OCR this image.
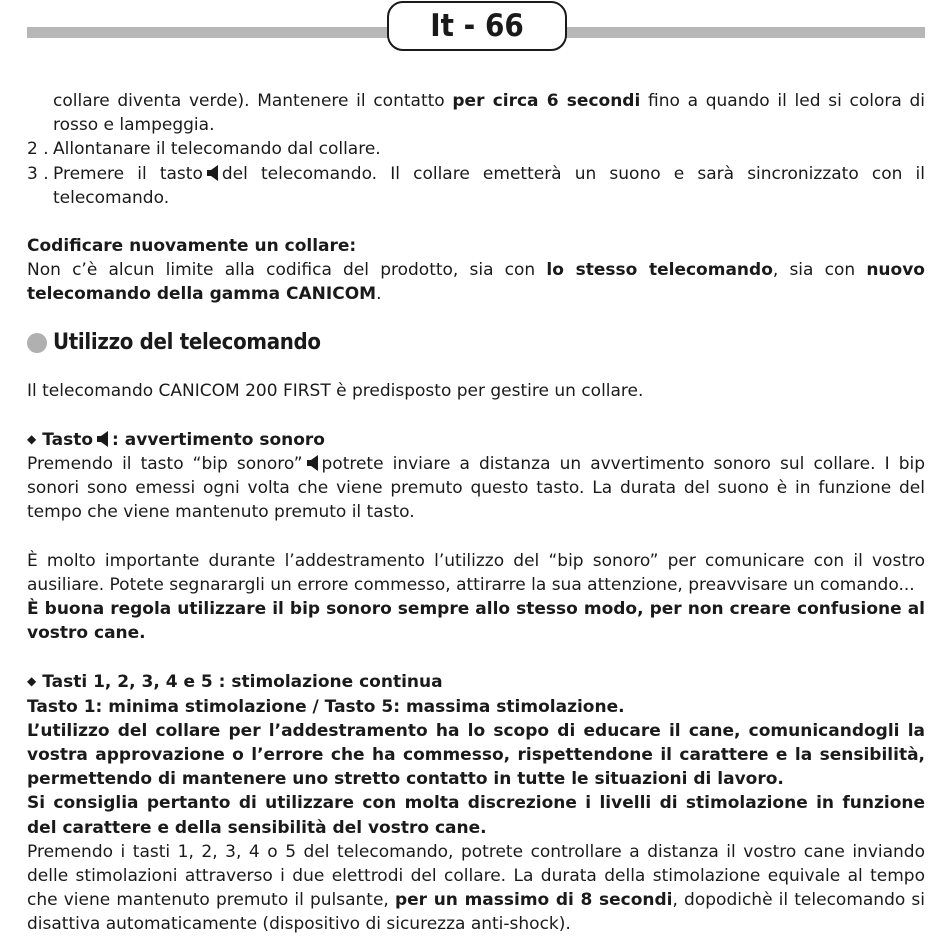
It - 66

collare diventa verde). Mantenere il contatto per circa 6 secondi fino a quando il led si colora di rosso e lampeggia.

2 . Allontanare il telecomando dal collare.
3 . Premere il tasto del telecomando. Il collare emetterà un suono e sarà sincronizzato con il telecomando.

Codificare nuovamente un collare:

Non c’è alcun limite alla codifica del prodotto, sia con lo stesso telecomando, sia con nuovo telecomando della gamma CANICOM.

Utilizzo del telecomando

Il telecomando CANICOM 200 FIRST è predisposto per gestire un collare.

◆ Tasto : avvertimento sonoro

Premendo il tasto “bip sonoro” potrete inviare a distanza un avvertimento sonoro sul collare. I bip sonori sono emessi ogni volta che viene premuto questo tasto. La durata del suono è in funzione del tempo che viene mantenuto premuto il tasto.

È molto importante durante l’addestramento l’utilizzo del “bip sonoro” per comunicare con il vostro ausiliare. Potete segnarargli un errore commesso, attirarre la sua attenzione, preavvisare un comando...

È buona regola utilizzare il bip sonoro sempre allo stesso modo, per non creare confusione al vostro cane.

◆ Tasti 1, 2, 3, 4 e 5 : stimolazione continua

Tasto 1: minima stimolazione / Tasto 5: massima stimolazione.

L’utilizzo del collare per l’addestramento ha lo scopo di educare il cane, comunicandogli la vostra approvazione o l’errore che ha commesso, rispettendone il carattere e la sensibilità, permettendo di mantenere uno stretto contatto in tutte le situazioni di lavoro.

Si consiglia pertanto di utilizzare con molta discrezione i livelli di stimolazione in funzione del carattere e della sensibilità del vostro cane.

Premendo i tasti 1, 2, 3, 4 o 5 del telecomando, potrete controllare a distanza il vostro cane inviando delle stimolazioni attraverso i due elettrodi del collare. La durata della stimolazione equivale al tempo che viene mantenuto premuto il pulsante, per un massimo di 8 secondi, dopodichè il telecomando si disattiva automaticamente (dispositivo di sicurezza anti-shock).
